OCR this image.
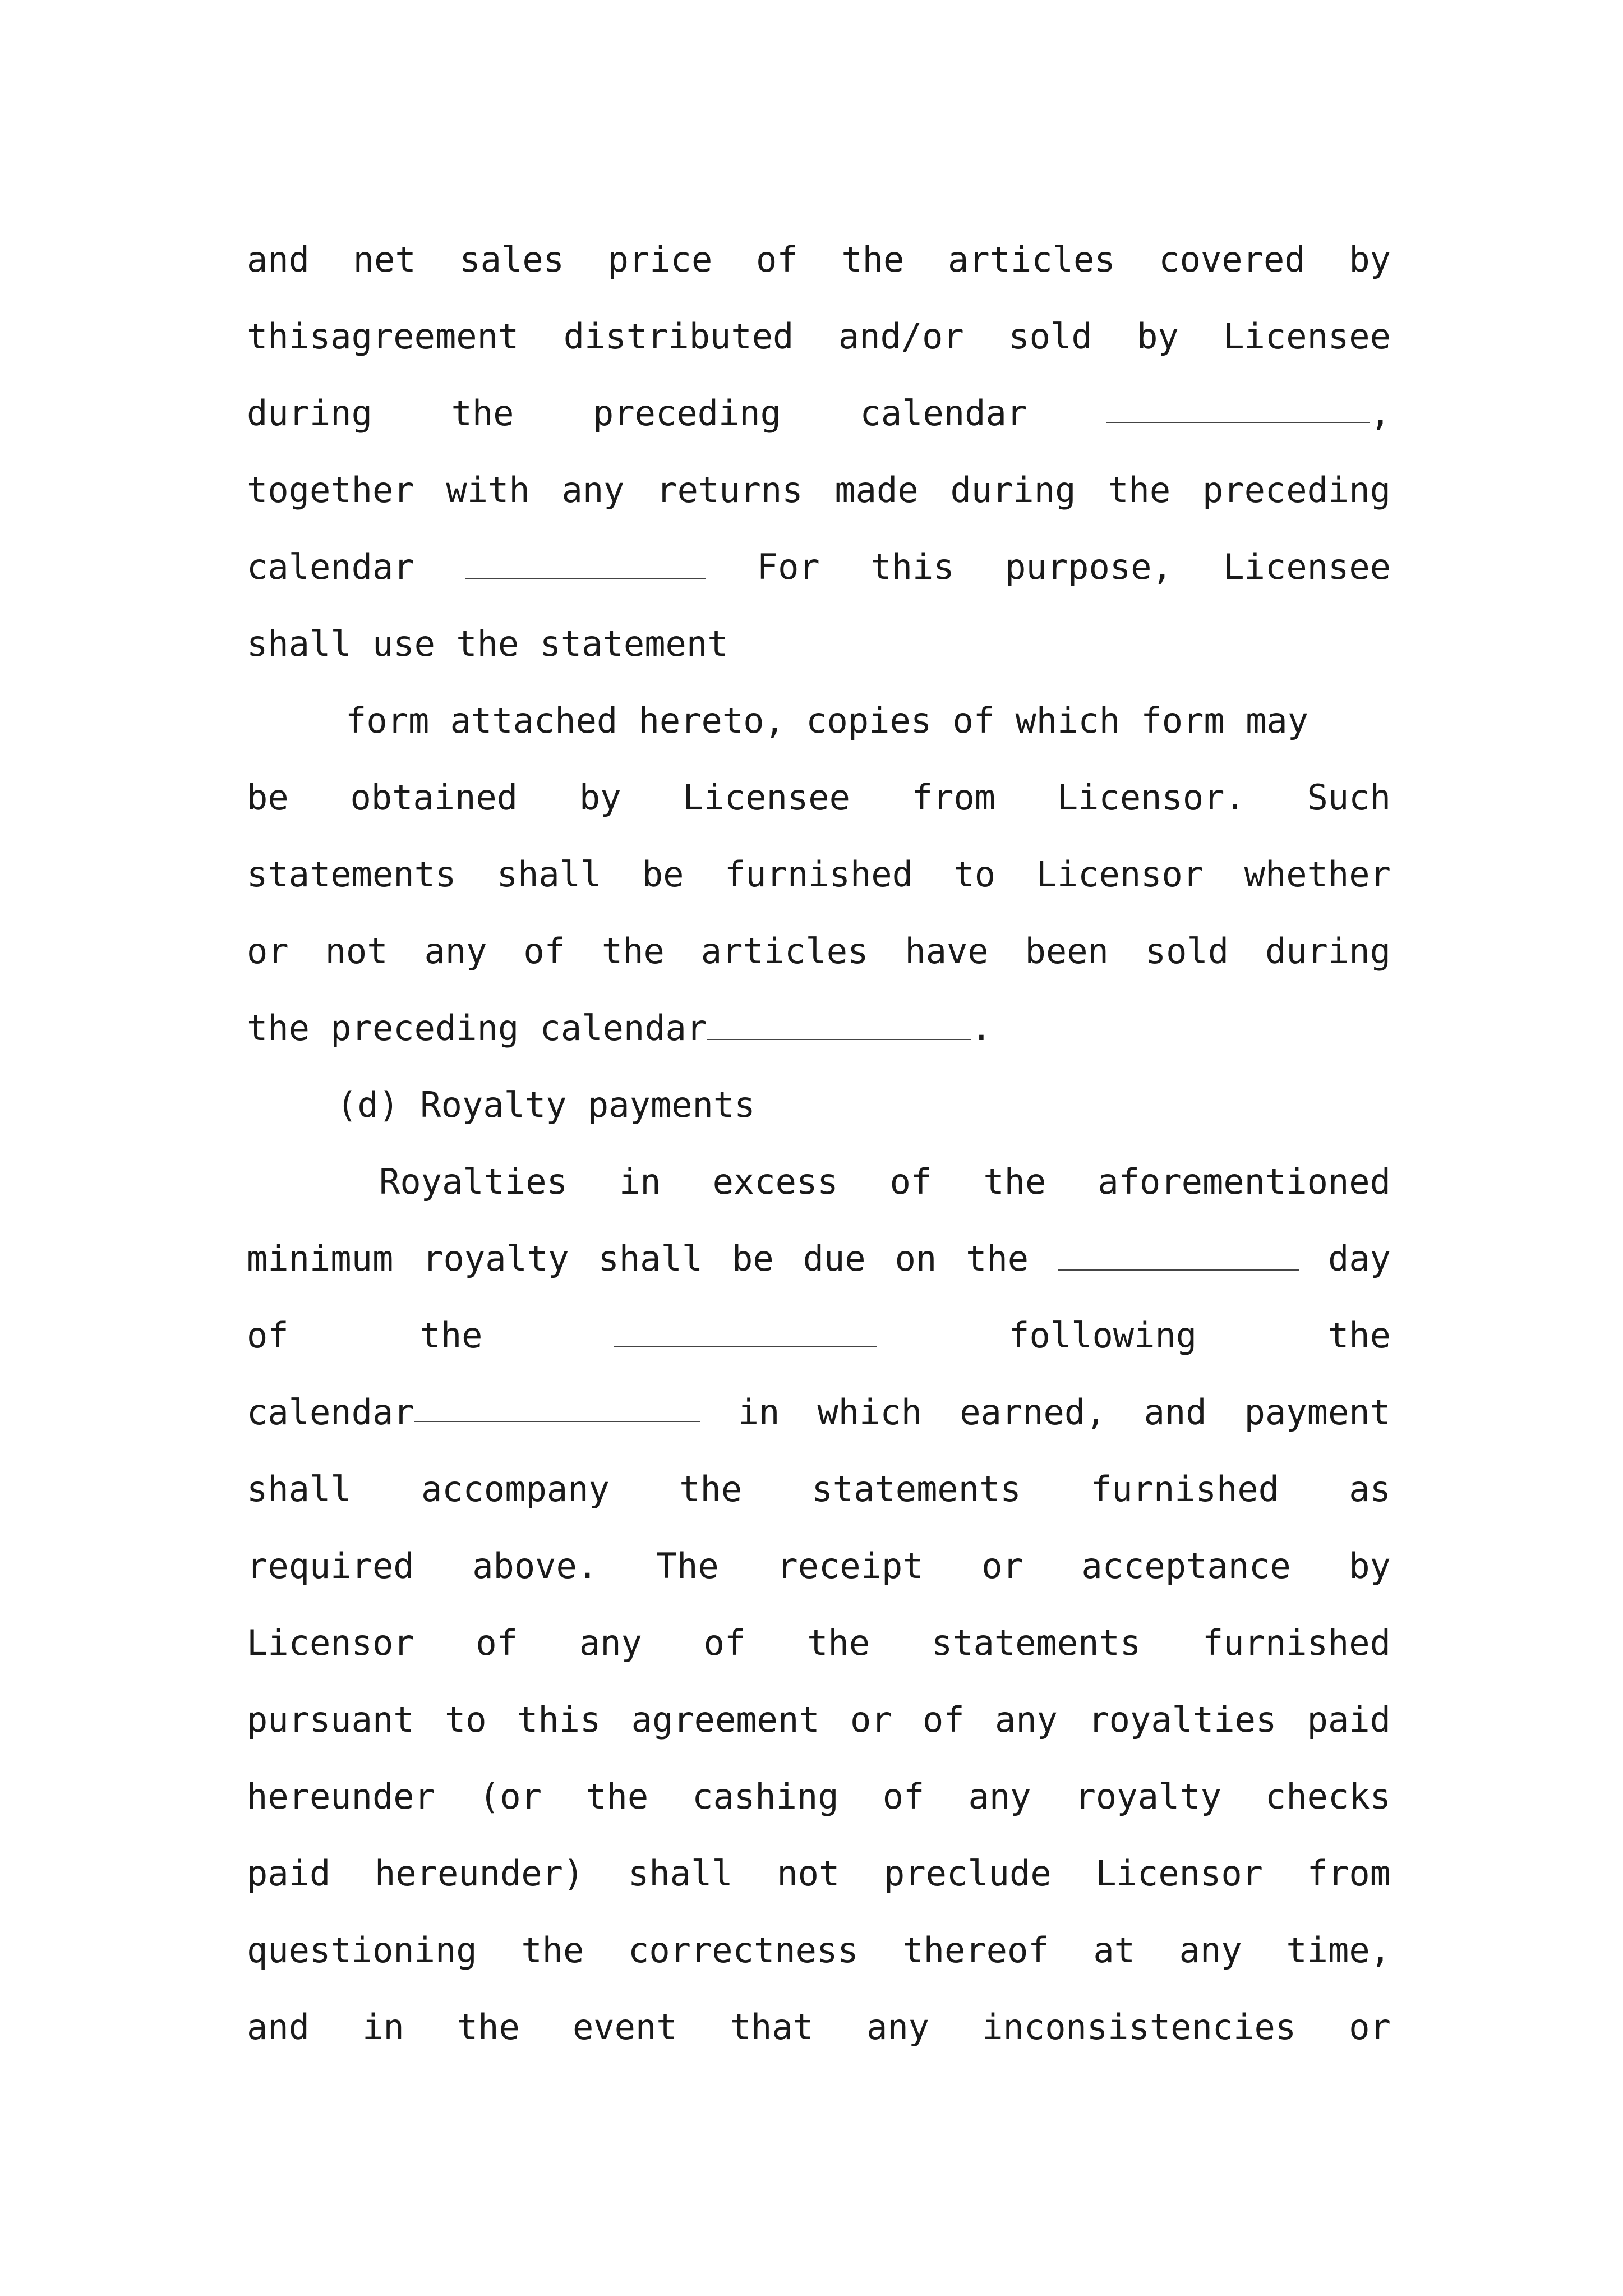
and net sales price of the articles covered by
thisagreement distributed and/or sold by Licensee
during the preceding calendar	,
together with any returns made during the preceding
calendar	For this purpose, Licensee
shall use the statement
form attached hereto, copies of which form may
be obtained by Licensee from Licensor. Such
statements shall be furnished to Licensor whether
or not any of the articles have been sold during
the preceding calendar	.
(d) Royalty payments
Royalties in excess of the aforementioned
minimum royalty shall be due on the	day
of	the	following	the
calendar	in which earned, and payment
shall accompany the statements furnished as
required above. The receipt or acceptance by
Licensor of any of the statements furnished
pursuant to this agreement or of any royalties paid
hereunder (or the cashing of any royalty checks
paid hereunder) shall not preclude Licensor from
questioning the correctness thereof at any time,
and in the event that any inconsistencies or
